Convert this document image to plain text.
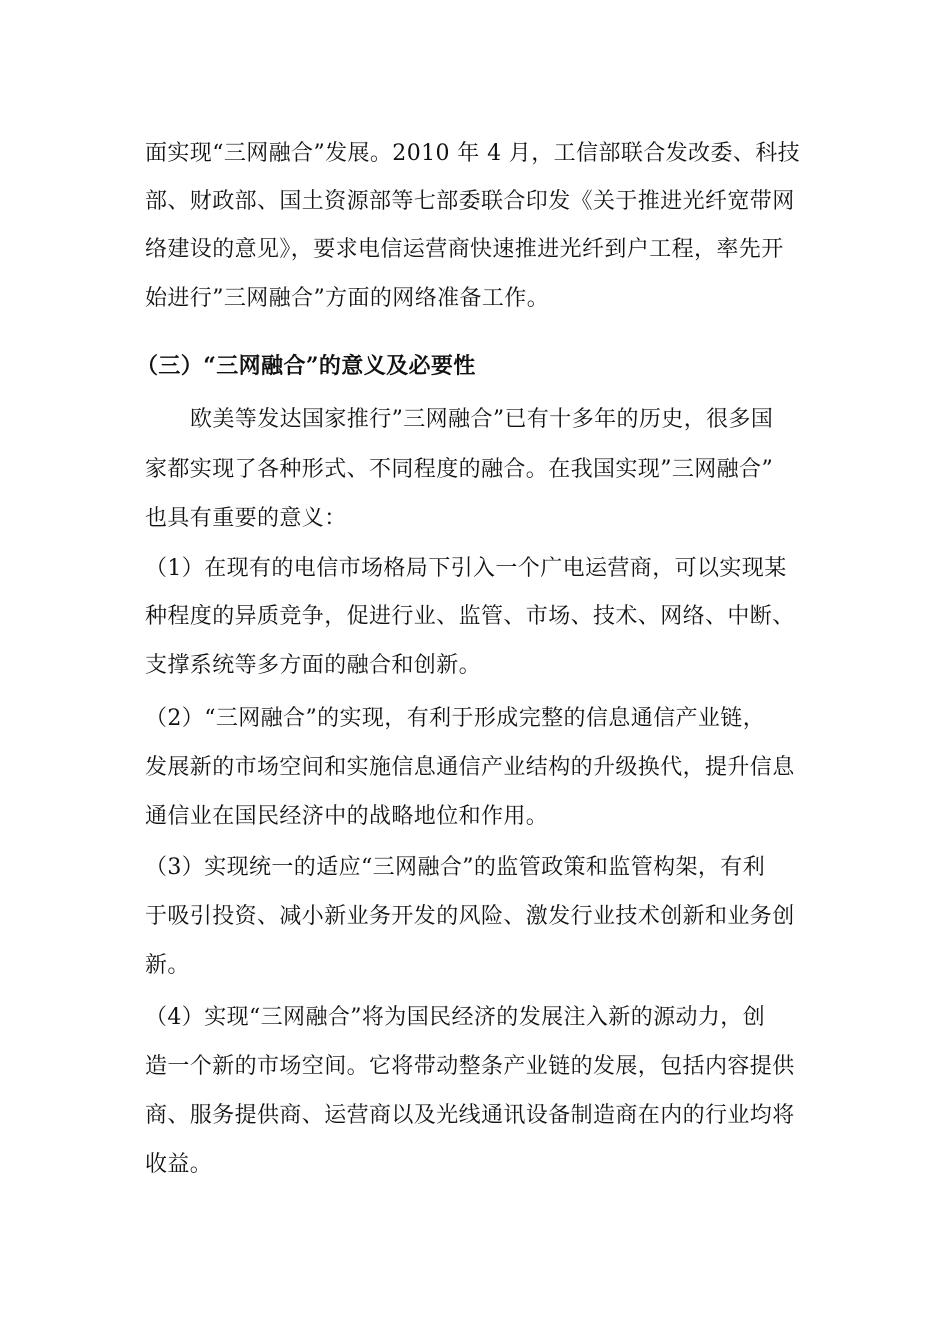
面实现“三网融合”发展。2010 年 4 月，工信部联合发改委、科技
部、财政部、国土资源部等七部委联合印发《关于推进光纤宽带网
络建设的意见》，要求电信运营商快速推进光纤到户工程，率先开
始进行”三网融合”方面的网络准备工作。
（三）“三网融合”的意义及必要性
欧美等发达国家推行”三网融合”已有十多年的历史，很多国
家都实现了各种形式、不同程度的融合。在我国实现”三网融合”
也具有重要的意义：
（1）在现有的电信市场格局下引入一个广电运营商，可以实现某
种程度的异质竞争，促进行业、监管、市场、技术、网络、中断、
支撑系统等多方面的融合和创新。
（2）“三网融合”的实现，有利于形成完整的信息通信产业链，
发展新的市场空间和实施信息通信产业结构的升级换代，提升信息
通信业在国民经济中的战略地位和作用。
（3）实现统一的适应“三网融合”的监管政策和监管构架，有利
于吸引投资、减小新业务开发的风险、激发行业技术创新和业务创
新。
（4）实现“三网融合”将为国民经济的发展注入新的源动力，创
造一个新的市场空间。它将带动整条产业链的发展，包括内容提供
商、服务提供商、运营商以及光线通讯设备制造商在内的行业均将
收益。
